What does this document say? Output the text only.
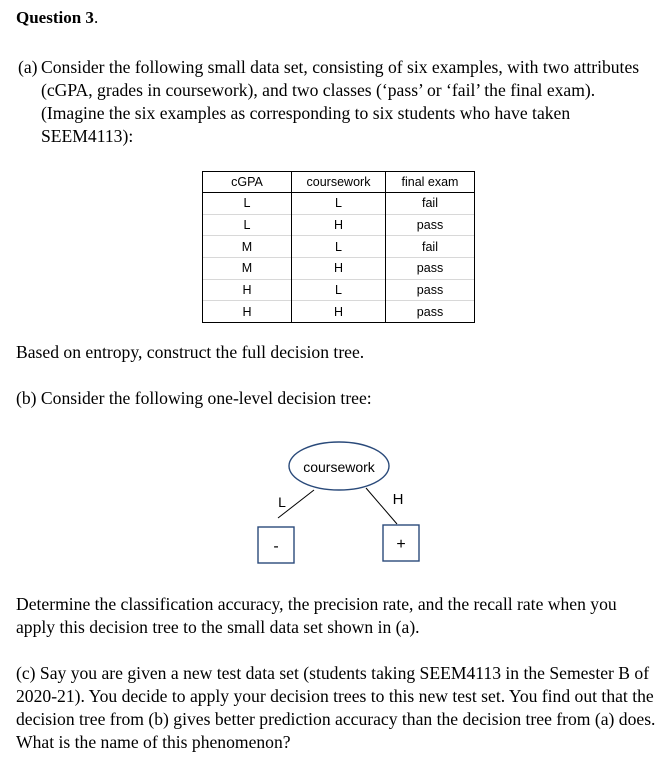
Question 3.
(a) Consider the following small data set, consisting of six examples, with two attributes (cGPA, grades in coursework), and two classes (‘pass’ or ‘fail’ the final exam). (Imagine the six examples as corresponding to six students who have taken SEEM4113):
cGPA	coursework	final exam
L	L	fail
L	H	pass
M	L	fail
M	H	pass
H	L	pass
H	H	pass
Based on entropy, construct the full decision tree.
(b) Consider the following one-level decision tree:
coursework
L	H
-	+
Determine the classification accuracy, the precision rate, and the recall rate when you apply this decision tree to the small data set shown in (a).
(c) Say you are given a new test data set (students taking SEEM4113 in the Semester B of 2020-21). You decide to apply your decision trees to this new test set. You find out that the decision tree from (b) gives better prediction accuracy than the decision tree from (a) does. What is the name of this phenomenon?
